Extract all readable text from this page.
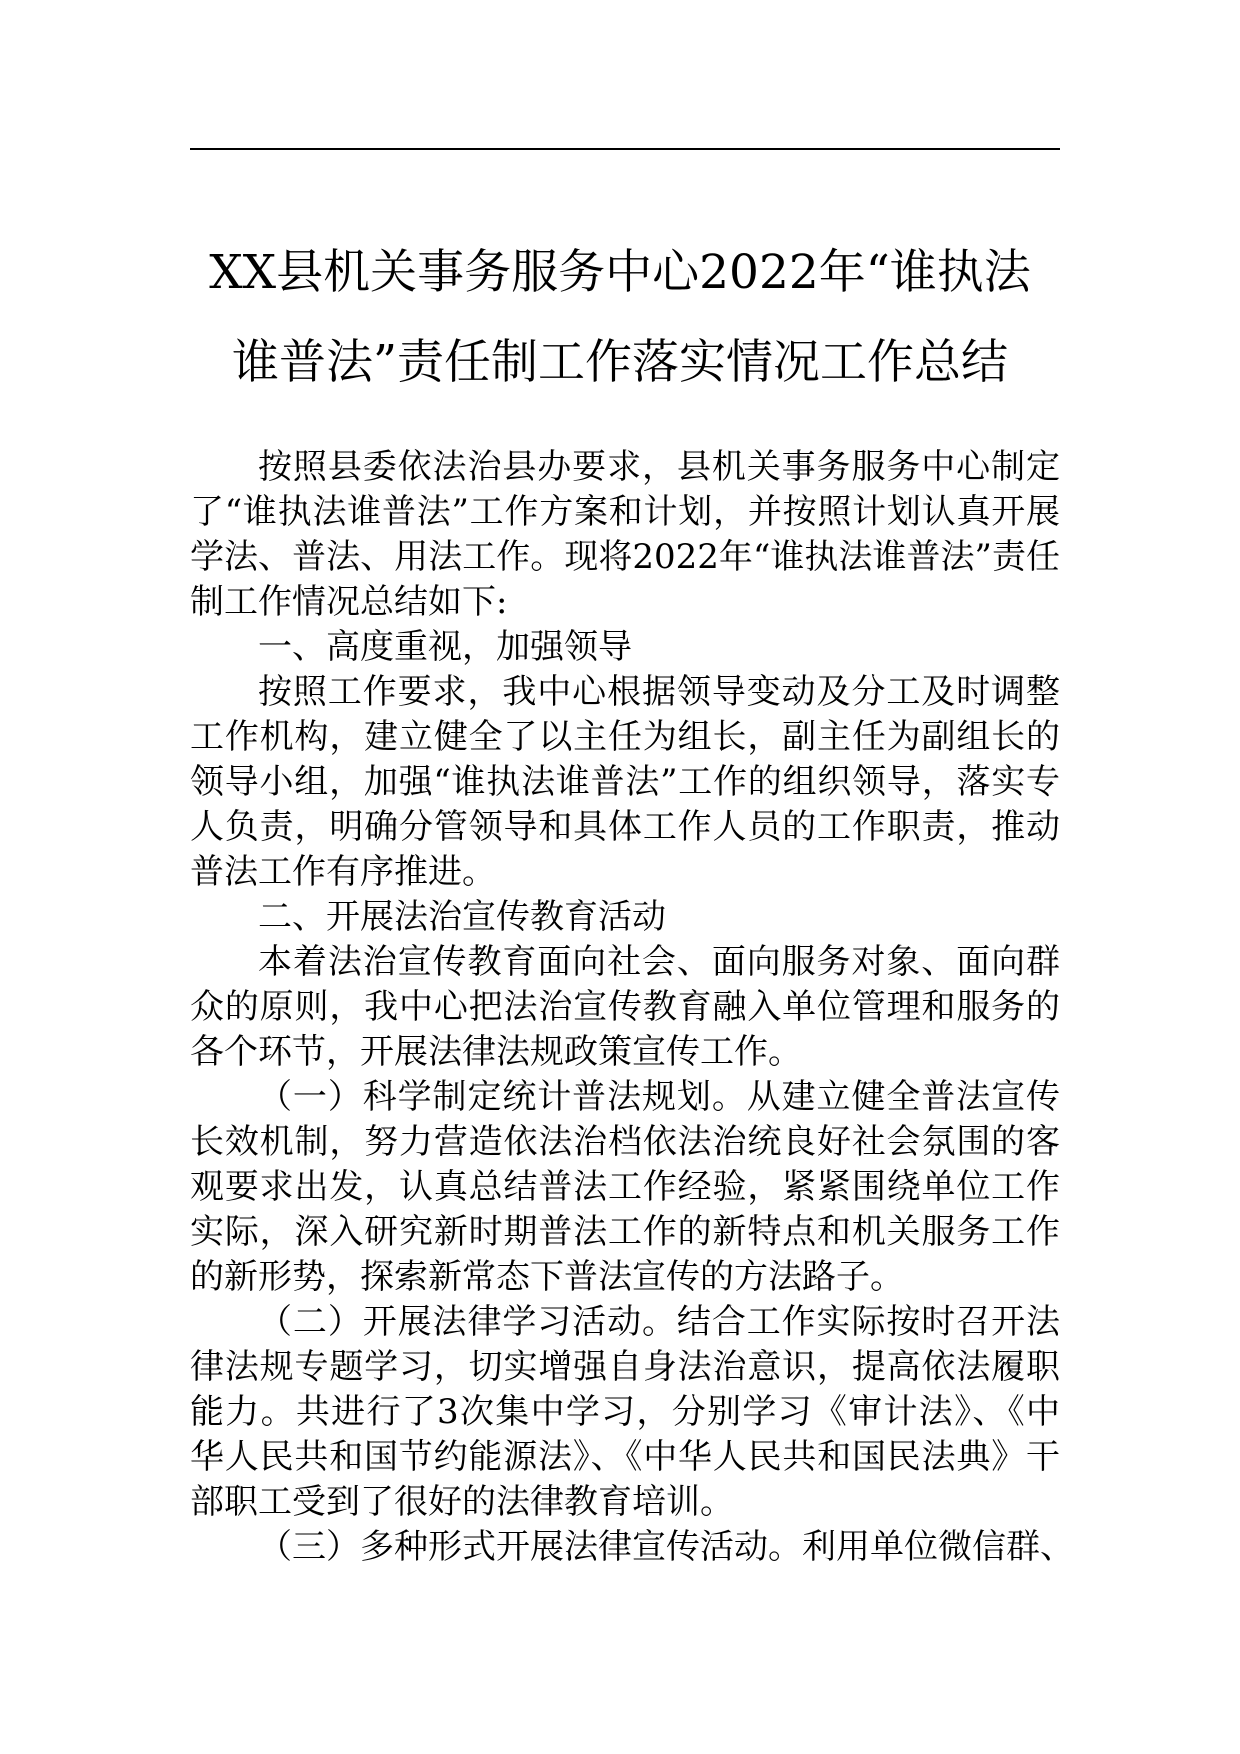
XX县机关事务服务中心2022年“谁执法
谁普法”责任制工作落实情况工作总结

按照县委依法治县办要求，县机关事务服务中心制定了“谁执法谁普法”工作方案和计划，并按照计划认真开展学法、普法、用法工作。现将2022年“谁执法谁普法”责任制工作情况总结如下:

一、高度重视，加强领导

按照工作要求，我中心根据领导变动及分工及时调整工作机构，建立健全了以主任为组长，副主任为副组长的领导小组，加强“谁执法谁普法”工作的组织领导，落实专人负责，明确分管领导和具体工作人员的工作职责，推动普法工作有序推进。

二、开展法治宣传教育活动

本着法治宣传教育面向社会、面向服务对象、面向群众的原则，我中心把法治宣传教育融入单位管理和服务的各个环节，开展法律法规政策宣传工作。

（一）科学制定统计普法规划。从建立健全普法宣传长效机制，努力营造依法治档依法治统良好社会氛围的客观要求出发，认真总结普法工作经验，紧紧围绕单位工作实际，深入研究新时期普法工作的新特点和机关服务工作的新形势，探索新常态下普法宣传的方法路子。

（二）开展法律学习活动。结合工作实际按时召开法律法规专题学习，切实增强自身法治意识，提高依法履职能力。共进行了3次集中学习，分别学习《审计法》、《中华人民共和国节约能源法》、《中华人民共和国民法典》干部职工受到了很好的法律教育培训。

（三）多种形式开展法律宣传活动。利用单位微信群、
